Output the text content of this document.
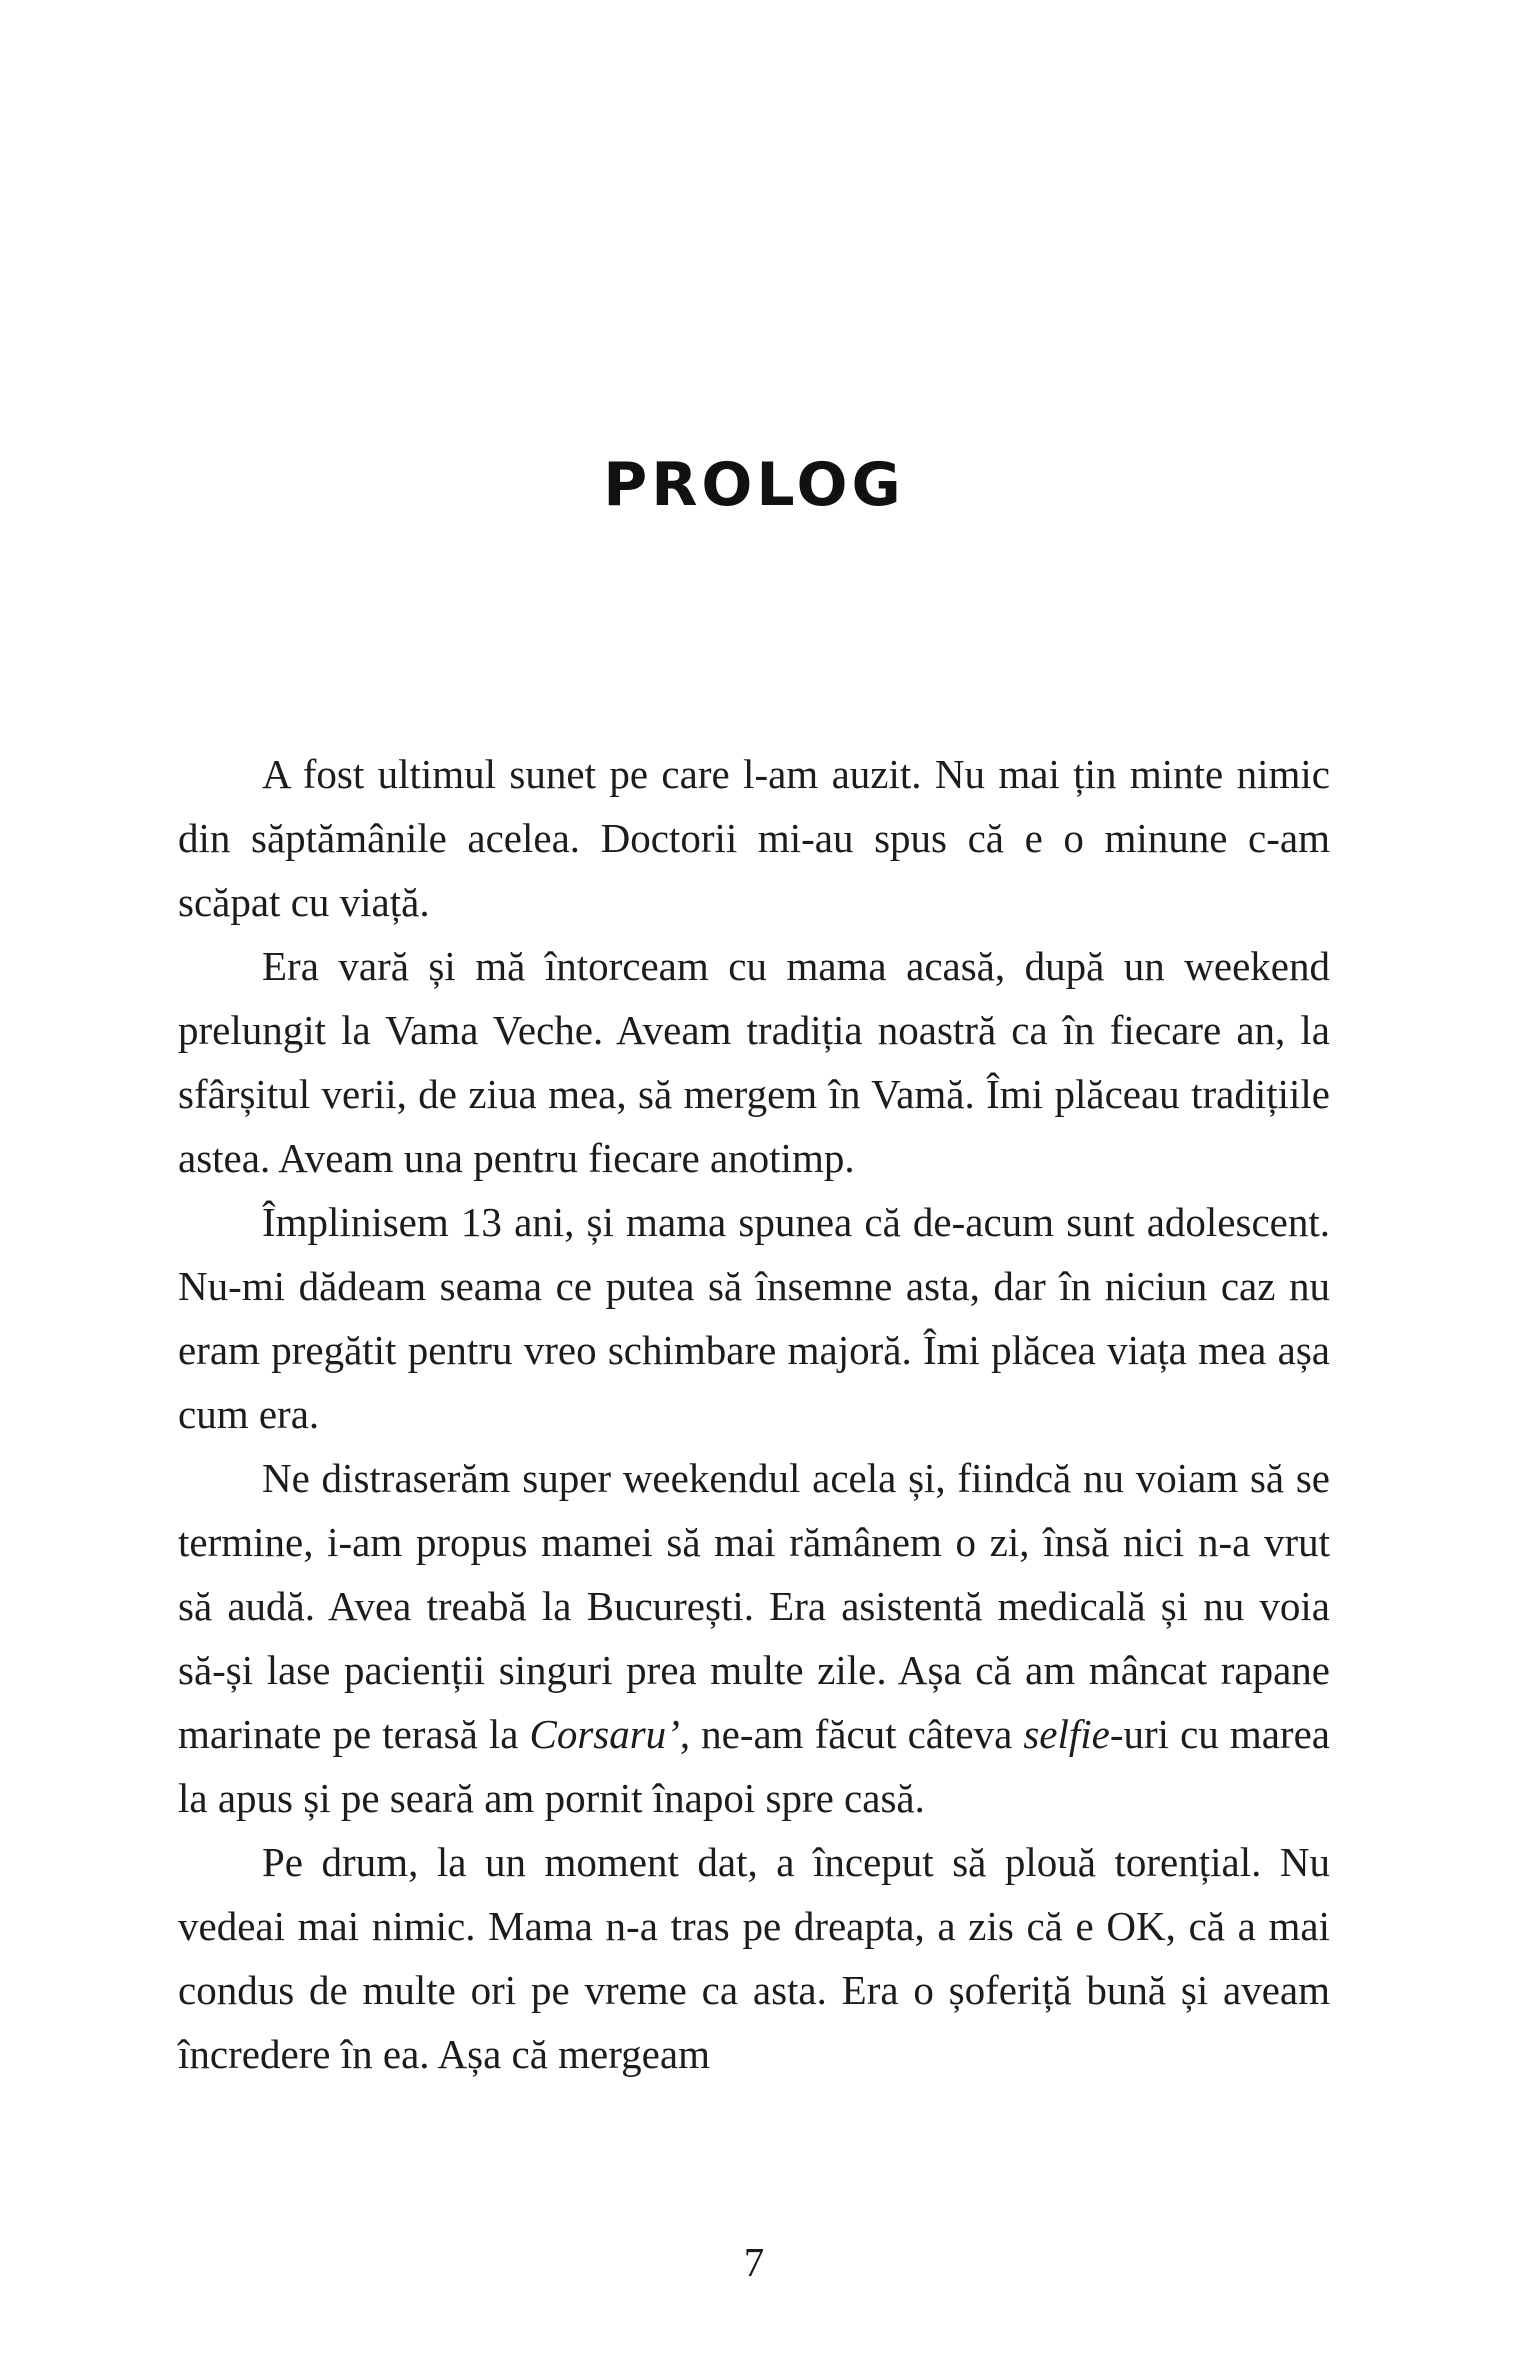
PROLOG

A fost ultimul sunet pe care l-am auzit. Nu mai țin minte nimic din săptămânile acelea. Doctorii mi-au spus că e o minune c-am scăpat cu viață.

Era vară și mă întorceam cu mama acasă, după un weekend prelungit la Vama Veche. Aveam tradiția noastră ca în fiecare an, la sfârșitul verii, de ziua mea, să mergem în Vamă. Îmi plăceau tradițiile astea. Aveam una pentru fiecare anotimp.

Împlinisem 13 ani, și mama spunea că de-acum sunt adolescent. Nu-mi dădeam seama ce putea să însemne asta, dar în niciun caz nu eram pregătit pentru vreo schimbare majoră. Îmi plăcea viața mea așa cum era.

Ne distraserăm super weekendul acela și, fiindcă nu voiam să se termine, i-am propus mamei să mai rămânem o zi, însă nici n-a vrut să audă. Avea treabă la București. Era asistentă medicală și nu voia să-și lase pacienții singuri prea multe zile. Așa că am mâncat rapane marinate pe terasă la Corsaru’, ne-am făcut câteva selfie-uri cu marea la apus și pe seară am pornit înapoi spre casă.

Pe drum, la un moment dat, a început să plouă torențial. Nu vedeai mai nimic. Mama n-a tras pe dreapta, a zis că e OK, că a mai condus de multe ori pe vreme ca asta. Era o șoferiță bună și aveam încredere în ea. Așa că mergeam

7
